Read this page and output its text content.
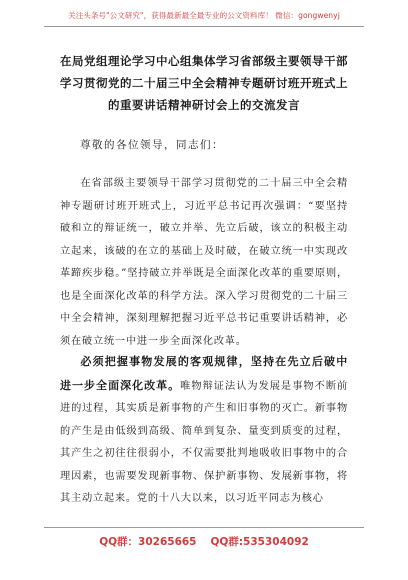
关注头条号"公文研究"，获得最新最全最专业的公文资料库！ 微信：gongwenyj
在局党组理论学习中心组集体学习省部级主要领导干部学习贯彻党的二十届三中全会精神专题研讨班开班式上的重要讲话精神研讨会上的交流发言
尊敬的各位领导，同志们：
在省部级主要领导干部学习贯彻党的二十届三中全会精神专题研讨班开班式上，习近平总书记再次强调：“要坚持破和立的辩证统一，破立并举、先立后破，该立的积极主动立起来，该破的在立的基础上及时破，在破立统一中实现改革蹄疾步稳。”坚持破立并举既是全面深化改革的重要原则，也是全面深化改革的科学方法。深入学习贯彻党的二十届三中全会精神，深刻理解把握习近平总书记重要讲话精神，必须在破立统一中进一步全面深化改革。
必须把握事物发展的客观规律，坚持在先立后破中进一步全面深化改革。唯物辩证法认为发展是事物不断前进的过程，其实质是新事物的产生和旧事物的灭亡。新事物的产生是由低级到高级、简单到复杂、量变到质变的过程，其产生之初往往很弱小，不仅需要批判地吸收旧事物中的合理因素，也需要发现新事物、保护新事物、发展新事物，将其主动立起来。党的十八大以来，以习近平同志为核心
QQ群：30265665 QQ群:535304092
